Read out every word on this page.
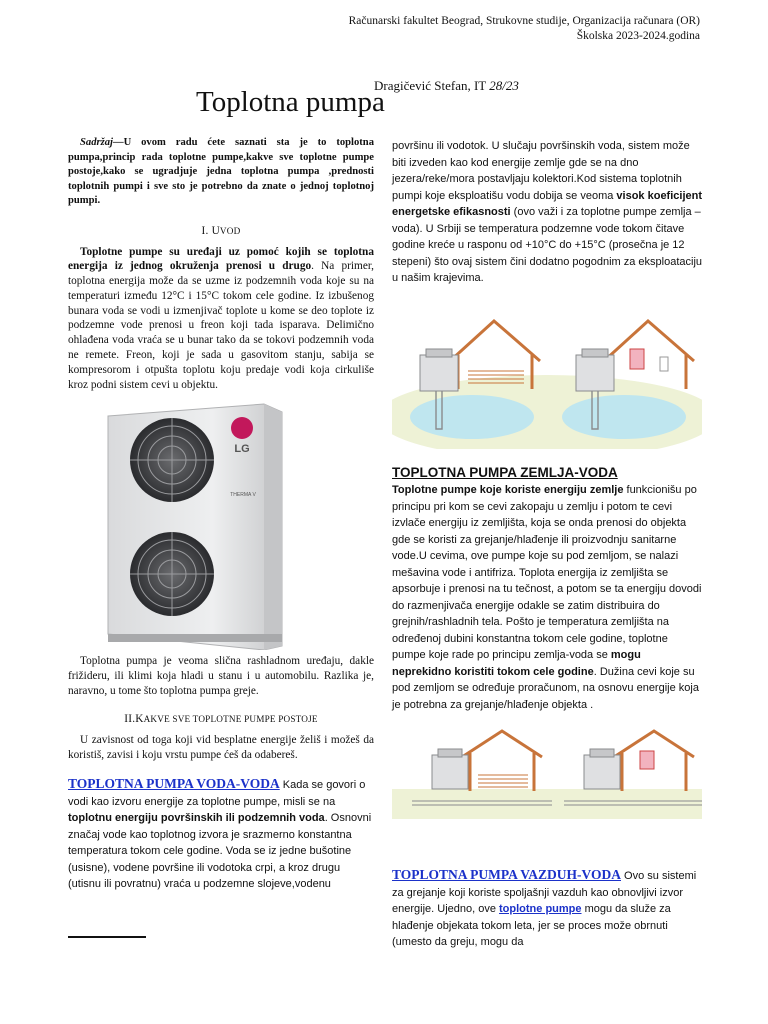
Računarski fakultet Beograd, Strukovne studije, Organizacija računara (OR)
Školska 2023-2024.godina
Dragičević Stefan, IT 28/23
Toplotna pumpa

Sadržaj—U ovom radu ćete saznati sta je to toplotna pumpa,princip rada toplotne pumpe,kakve sve toplotne pumpe postoje,kako se ugradjuje jedna toplotna pumpa ,prednosti toplotnih pumpi i sve sto je potrebno da znate o jednoj toplotnoj pumpi.

I. UVOD

Toplotne pumpe su uređaji uz pomoć kojih se toplotna energija iz jednog okruženja prenosi u drugo. Na primer, toplotna energija može da se uzme iz podzemnih voda koje su na temperaturi između 12°C i 15°C tokom cele godine. Iz izbušenog bunara voda se vodi u izmenjivač toplote u kome se deo toplote iz podzemne vode prenosi u freon koji tada isparava. Delimično ohlađena voda vraća se u bunar tako da se tokovi podzemnih voda ne remete. Freon, koji je sada u gasovitom stanju, sabija se kompresorom i otpušta toplotu koju predaje vodi koja cirkuliše kroz podni sistem cevi u objektu.

LG
THERMA V

Toplotna pumpa je veoma slična rashladnom uređaju, dakle frižideru, ili klimi koja hladi u stanu i u automobilu. Razlika je, naravno, u tome što toplotna pumpa greje.

II.KAKVE SVE TOPLOTNE PUMPE POSTOJE

U zavisnost od toga koji vid besplatne energije želiš i možeš da koristiš, zavisi i koju vrstu pumpe ćeš da odabereš.

TOPLOTNA PUMPA VODA-VODA Kada se govori o vodi kao izvoru energije za toplotne pumpe, misli se na toplotnu energiju površinskih ili podzemnih voda. Osnovni značaj vode kao toplotnog izvora je srazmerno konstantna temperatura tokom cele godine. Voda se iz jedne bušotine (usisne), vodene površine ili vodotoka crpi, a kroz drugu (utisnu ili povratnu) vraća u podzemne slojeve,vodenu

površinu ili vodotok. U slučaju površinskih voda, sistem može biti izveden kao kod energije zemlje gde se na dno jezera/reke/mora postavljaju kolektori.Kod sistema toplotnih pumpi koje eksploatišu vodu dobija se veoma visok koeficijent energetske efikasnosti (ovo važi i za toplotne pumpe zemlja – voda). U Srbiji se temperatura podzemne vode tokom čitave godine kreće u rasponu od +10°C do +15°C (prosečna je 12 stepeni) što ovaj sistem čini dodatno pogodnim za eksploataciju u našim krajevima.

TOPLOTNA PUMPA ZEMLJA-VODA

Toplotne pumpe koje koriste energiju zemlje funkcionišu po principu pri kom se cevi zakopaju u zemlju i potom te cevi izvlače energiju iz zemljišta, koja se onda prenosi do objekta gde se koristi za grejanje/hlađenje ili proizvodnju sanitarne vode.U cevima, ove pumpe koje su pod zemljom, se nalazi mešavina vode i antifriza. Toplota energija iz zemljišta se apsorbuje i prenosi na tu tečnost, a potom se ta energiju dovodi do razmenjivača energije odakle se zatim distribuira do grejnih/rashladnih tela. Pošto je temperatura zemljišta na određenoj dubini konstantna tokom cele godine, toplotne pumpe koje rade po principu zemlja-voda se mogu neprekidno koristiti tokom cele godine. Dužina cevi koje su pod zemljom se određuje proračunom, na osnovu energije koja je potrebna za grejanje/hlađenje objekta .

TOPLOTNA PUMPA VAZDUH-VODA Ovo su sistemi za grejanje koji koriste spoljašnji vazduh kao obnovljivi izvor energije. Ujedno, ove toplotne pumpe mogu da služe za hlađenje objekata tokom leta, jer se proces može obrnuti (umesto da greju, mogu da
